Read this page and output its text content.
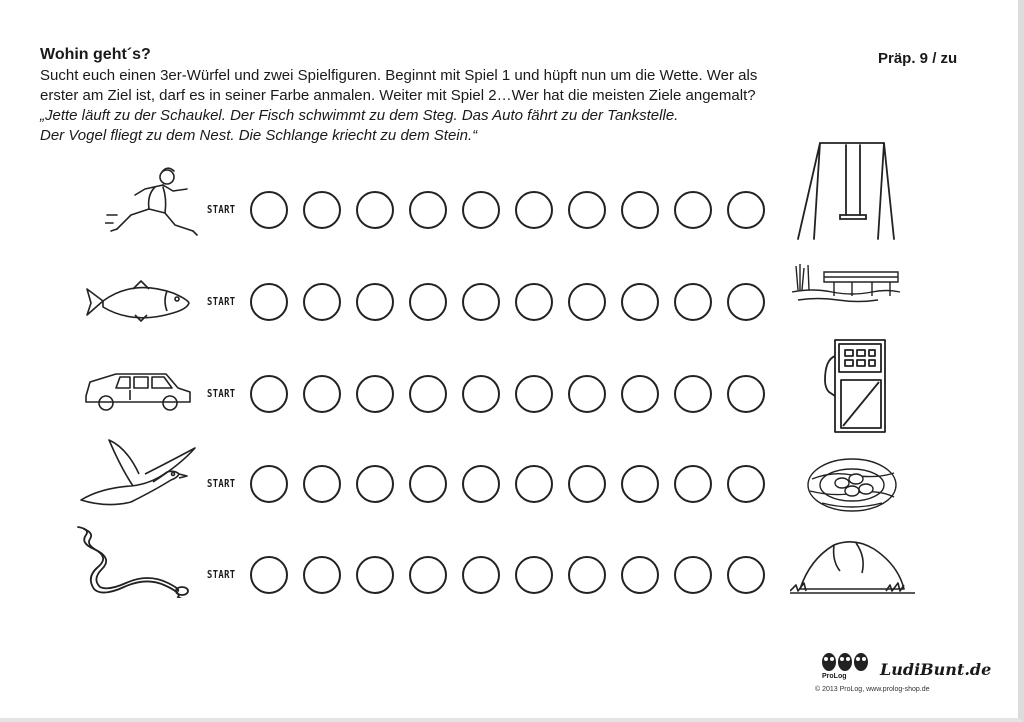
Wohin geht´s?	Präp. 9 / zu
Sucht euch einen 3er-Würfel und zwei Spielfiguren. Beginnt mit Spiel 1 und hüpft nun um die Wette. Wer als
erster am Ziel ist, darf es in seiner Farbe anmalen. Weiter mit Spiel 2…Wer hat die meisten Ziele angemalt?
„Jette läuft zu der Schaukel. Der Fisch schwimmt zu dem Steg. Das Auto fährt zu der Tankstelle.
Der Vogel fliegt zu dem Nest. Die Schlange kriecht zu dem Stein.“
START
START
START
START
START
ProLog LudiBunt.de
© 2013 ProLog, www.prolog-shop.de
